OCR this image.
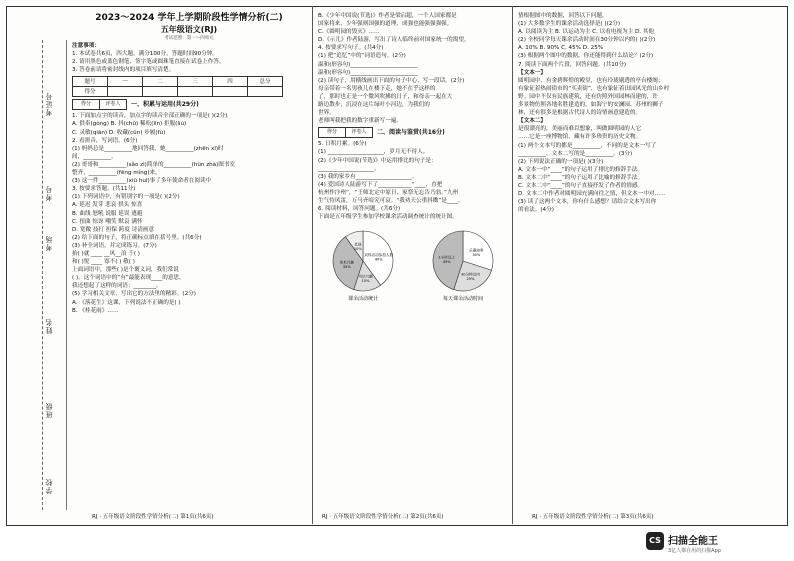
考证号
考号
考场
姓名
班级
学校
2023～2024 学年上学期阶段性学情分析(二)
五年级语文(RJ)
考试范围：第一～四单元

注意事项：

1. 本试卷共6页，四大题，满分100分，答题时间90分钟。

2. 请用黑色或蓝色钢笔、签字笔或圆珠笔直接在试卷上作答。

3. 答卷前请将密封线内的项目填写清楚。

题号	一	二	三	四	总分
得分					
得分	评卷人	一、积累与运用(共29分)

1. 下面加点字的读音，加点字的读音全部正确的一项是( )(2分)

A. 供奉(gòng) B. 抖(chǔ) 稀松(lìn) 拒服(liú)

C. 灵敏(qiān) D. 收藏(cūn) 步履(fù)

2. 看拼音，写词语。(6分)

(1) 妈妈总是__________地回答我，她__________(zhēn xī)时

间，__________。

(2) 哥哥和__________(sǎo zì)简单的__________(hùn zhà)图书室

整齐，__________(fēng míng)来。

(3) 这一件__________(xiū huī)事了多年使命者在阅读中

3. 按要求答题。(共11分)

(1) 下列词语中，有错别字的一项是( )(2分)

A. 延迟 发芽 悲哀 拱头 惊喜

B. 曲线 怒吼 说服 延误 逃避

C. 扭曲 惊讶 嘲笑 默哀 满怀

D. 宽敞 技打 担保 跨度 诗清画意

(2) 给下面的句子，将正确标点填在括号里。(共6分)

(3) 补全词语，并完成练习。(7分)

抬( )就 ____ __风__浪 千( )

和( )悦 ____ 寡不( ) 敬( )

上面词语中，那些( )是个褒义词，我们常说

( )。这个词语中的“有”最能表现____的意思，

我还想起了这样的词语：________。

(5) 学习相关文章，写出它的方法里的精彩。(2分)

A. 《落花生》这课，下列说法不正确的是( )

B. 《桂花雨》……

RJ · 五年级语文阶段性学情分析(二) 第1页(共6页)

B.《少年中国说(节选)》作者是梁启超，一个人国家都是

国家将来，少年强则国强的道理，成强也能强强强强。

C.《圆明园的毁灭》……

D.《示儿》作者陆游，写出了诗人临终前对国家统一的渴望。

4. 按要求写句子。(共4分)

(1) 把“追忆”中的“词语造句。(2分)

温和(形容句)________________________

温和(形容句)________________________

(2) 读句子，用横线画出下面的句子中心，写一段话。(2分)

母亲带着一名男孩儿在楼下走，她不在乎这样的

了，那时也正是一个微风吹拂的日子，和母亲一起在大

路边散步，沉浸在这片绿叶小河边，为我们的

世界。

老师叫我把我的数字重新写一遍。

得分	评卷人	二、阅读与鉴赏(共16分)

5. 日积月累。(6分)

(1) ____________________，岁月无不待人。

(2)《少年中国说(节选)》中运用排比的句子是：

____________________。

(3) 我的家乡有____________________。

(4) 爱国诗人陆游写下了____________“____，直把

杭州作汴州”，“王师北定中原日，家祭无忘告乃翁。”九州

生气恃风雷，万马齐喑究可哀。“我劝天公重抖擞”是____。

6. 阅读材料，回答问题。(共6分)

下面是五年级学生参加学校课余活动调查统计的统计图。

双休活动参加人数
40%
书法兴趣
15%
美术兴趣
35%
其他
10%
课余活动统计
乐器演奏
30%
30分钟以内
25%
1小时以上
45%
每天课余活动时间
RJ · 五年级语文阶段性学情分析(二) 第2页(共6页)

情根据图中的数据，回答以下问题。

(1) 大多数学生的课余活动选择是( )(2分)

A. 以阅读为主 B. 以运动为主 C. 以看电视为主 D. 其他

(2) 全校同学每天课余活动时间在30分钟以内的( )(2分)

A. 10% B. 90% C. 45% D. 25%

(3) 根据两个图中的数据，你还能得到什么结论？(2分)

7. 阅读下面两个片段，回答问题。(共10分)

【文本一】

圆明园中，有金碧辉煌的殿堂，也有玲珑剔透的亭台楼阁；

有象征着热闹街市的“买卖街”，也有象征着田园风光的山乡村

野。园中不仅有民族建筑，还有仿照外国园林而建的，许

多景物仿照各地名胜建造的，如海宁的安澜园、苏州的狮子

林，还有很多是根据古代诗人的诗情画意建造的。

【文本二】

是很漂亮的，美丽而难以想象，叫做圆明园的人它

……它是一座博物馆，藏有许多珍贵的历史文物。

(1) 两个文本写的都是__________，不同的是文本一写了

__________，文本二写的是__________。(3分)

(2) 下列说法正确的一项是( )(3分)

A. 文本一中“____”的句子运用了排比的修辞手法。

B. 文本二中“____”的句子运用了比喻的修辞手法。

C. 文本二中“____”的句子直接抒发了作者的情感。

D. 文本二中作者对圆明园充满向往之情，但文本一中对……

(3) 读了这两个文本，你有什么感想？请结合文本写出你

的看法。(4分)

RJ · 五年级语文阶段性学情分析(二) 第3页(共6页)
CS 扫描全能王
3亿人都在用的扫描App
